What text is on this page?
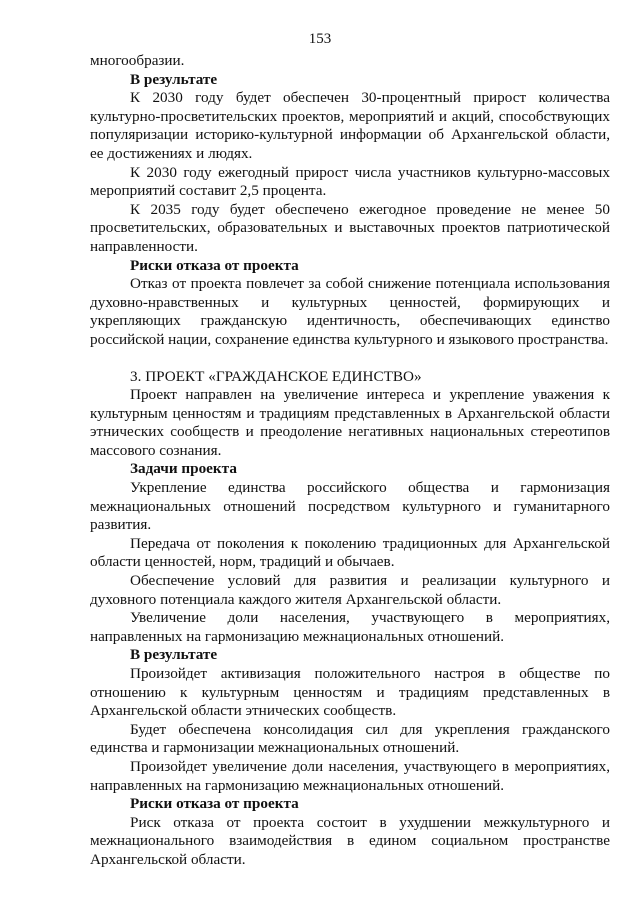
153

многообразии.

В результате

К 2030 году будет обеспечен 30-процентный прирост количества культурно-просветительских проектов, мероприятий и акций, способствующих популяризации историко-культурной информации об Архангельской области, ее достижениях и людях.

К 2030 году ежегодный прирост числа участников культурно-массовых мероприятий составит 2,5 процента.

К 2035 году будет обеспечено ежегодное проведение не менее 50 просветительских, образовательных и выставочных проектов патриотической направленности.

Риски отказа от проекта

Отказ от проекта повлечет за собой снижение потенциала использования духовно-нравственных и культурных ценностей, формирующих и укрепляющих гражданскую идентичность, обеспечивающих единство российской нации, сохранение единства культурного и языкового пространства.

3. ПРОЕКТ «ГРАЖДАНСКОЕ ЕДИНСТВО»

Проект направлен на увеличение интереса и укрепление уважения к культурным ценностям и традициям представленных в Архангельской области этнических сообществ и преодоление негативных национальных стереотипов массового сознания.

Задачи проекта

Укрепление единства российского общества и гармонизация межнациональных отношений посредством культурного и гуманитарного развития.

Передача от поколения к поколению традиционных для Архангельской области ценностей, норм, традиций и обычаев.

Обеспечение условий для развития и реализации культурного и духовного потенциала каждого жителя Архангельской области.

Увеличение доли населения, участвующего в мероприятиях, направленных на гармонизацию межнациональных отношений.

В результате

Произойдет активизация положительного настроя в обществе по отношению к культурным ценностям и традициям представленных в Архангельской области этнических сообществ.

Будет обеспечена консолидация сил для укрепления гражданского единства и гармонизации межнациональных отношений.

Произойдет увеличение доли населения, участвующего в мероприятиях, направленных на гармонизацию межнациональных отношений.

Риски отказа от проекта

Риск отказа от проекта состоит в ухудшении межкультурного и межнационального взаимодействия в едином социальном пространстве Архангельской области.
